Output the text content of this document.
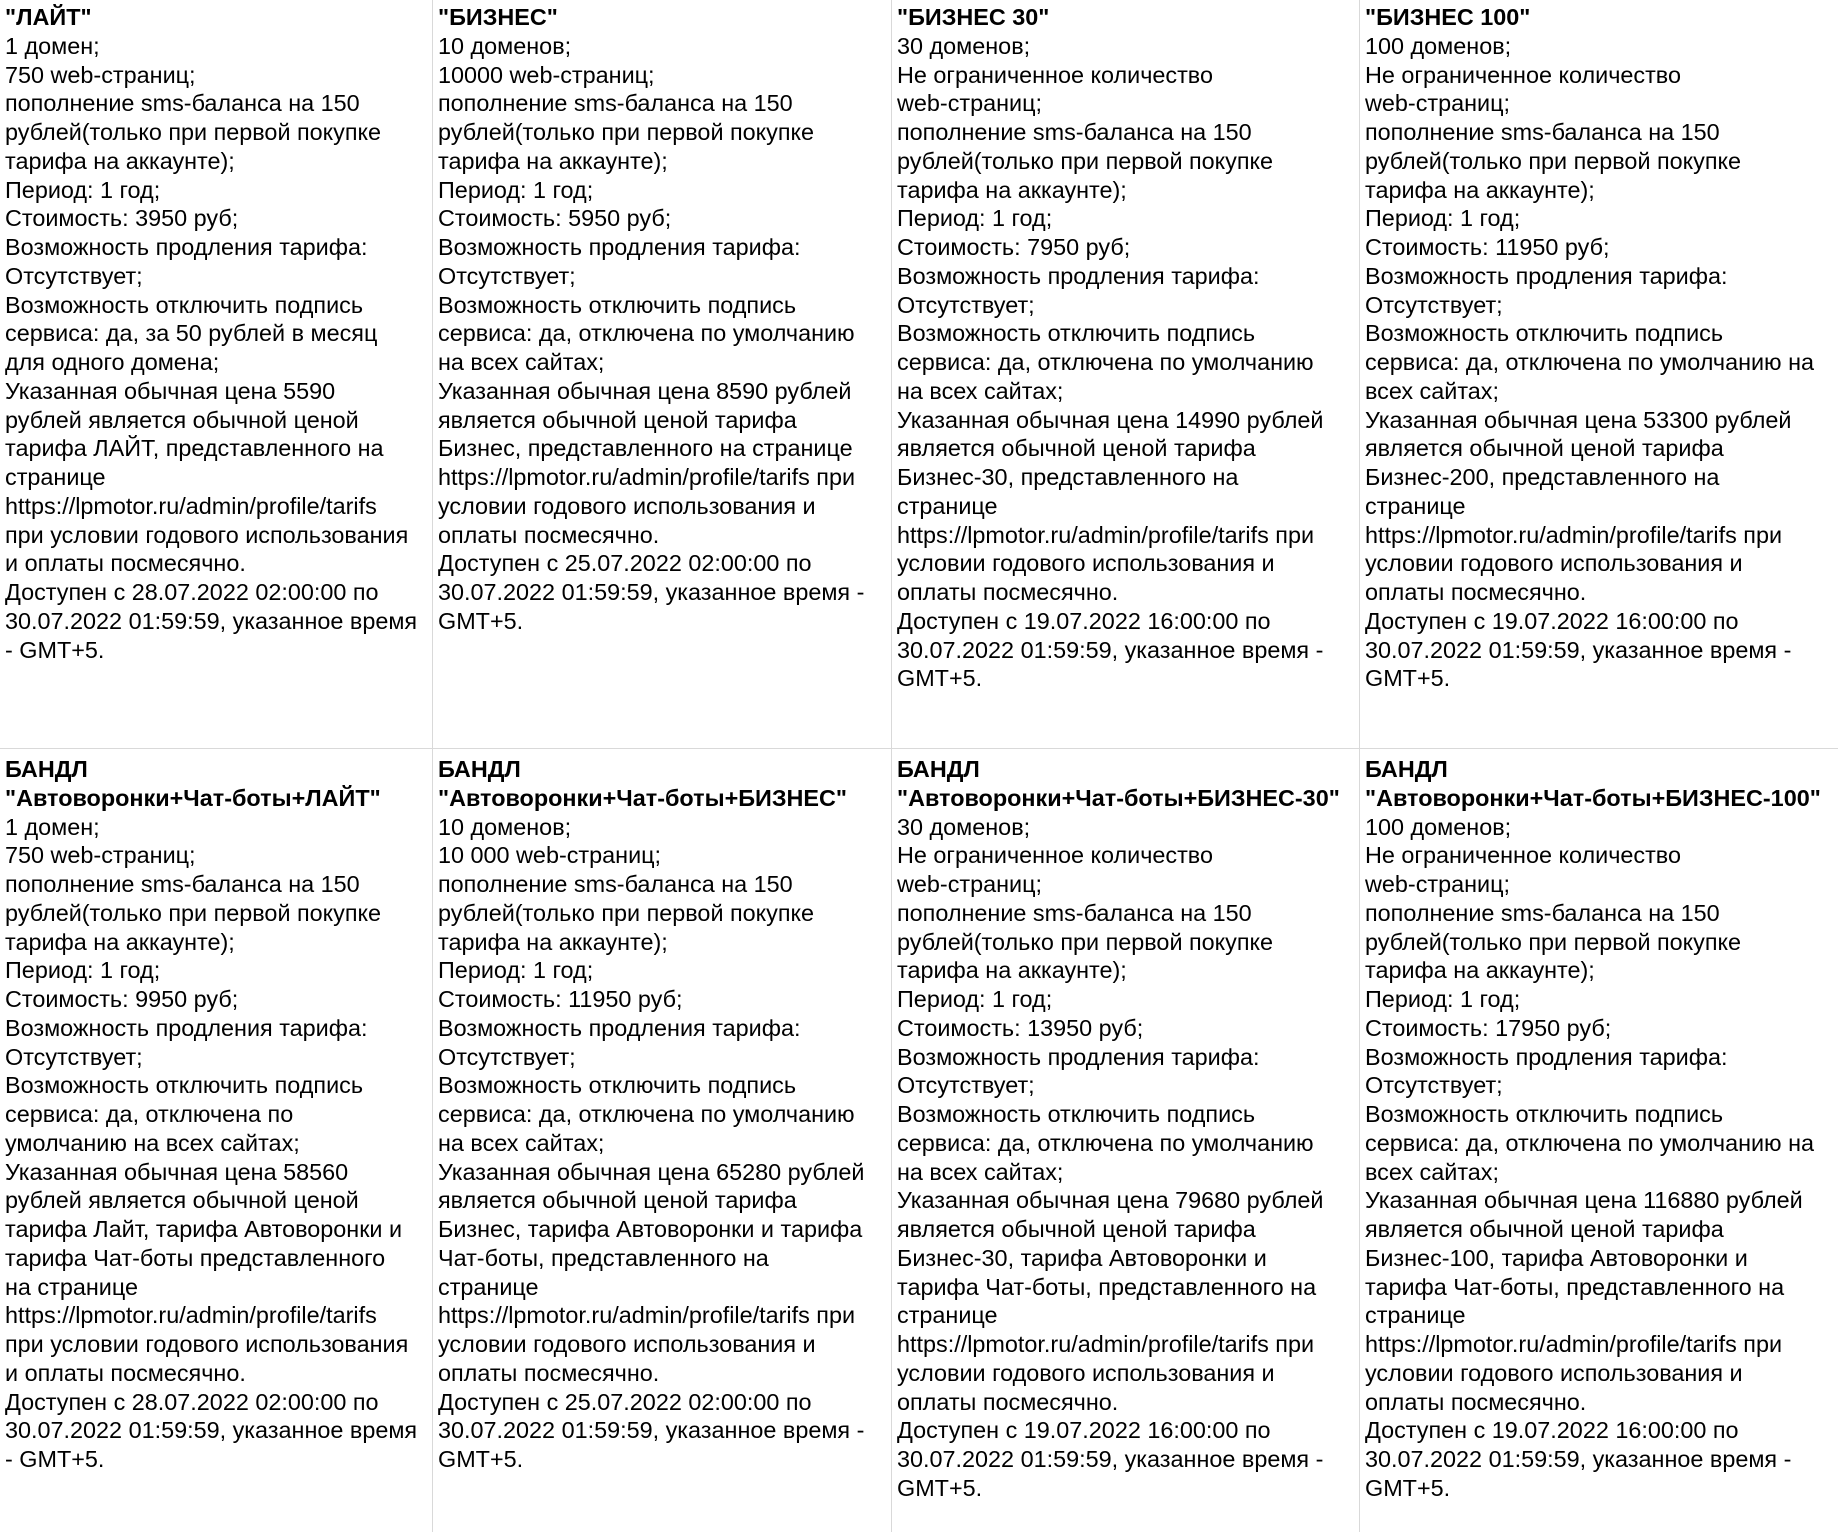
"ЛАЙТ"
1 домен;
750 web-страниц;
пополнение sms-баланса на 150
рублей(только при первой покупке
тарифа на аккаунте);
Период: 1 год;
Стоимость: 3950 руб;
Возможность продления тарифа:
Отсутствует;
Возможность отключить подпись
сервиса: да, за 50 рублей в месяц
для одного домена;
Указанная обычная цена 5590
рублей является обычной ценой
тарифа ЛАЙТ, представленного на
странице
https://lpmotor.ru/admin/profile/tarifs
при условии годового использования
и оплаты посмесячно.
Доступен с 28.07.2022 02:00:00 по
30.07.2022 01:59:59, указанное время
- GMT+5.
"БИЗНЕС"
10 доменов;
10000 web-страниц;
пополнение sms-баланса на 150
рублей(только при первой покупке
тарифа на аккаунте);
Период: 1 год;
Стоимость: 5950 руб;
Возможность продления тарифа:
Отсутствует;
Возможность отключить подпись
сервиса: да, отключена по умолчанию
на всех сайтах;
Указанная обычная цена 8590 рублей
является обычной ценой тарифа
Бизнес, представленного на странице
https://lpmotor.ru/admin/profile/tarifs при
условии годового использования и
оплаты посмесячно.
Доступен с 25.07.2022 02:00:00 по
30.07.2022 01:59:59, указанное время -
GMT+5.
"БИЗНЕС 30"
30 доменов;
Не ограниченное количество
web-страниц;
пополнение sms-баланса на 150
рублей(только при первой покупке
тарифа на аккаунте);
Период: 1 год;
Стоимость: 7950 руб;
Возможность продления тарифа:
Отсутствует;
Возможность отключить подпись
сервиса: да, отключена по умолчанию
на всех сайтах;
Указанная обычная цена 14990 рублей
является обычной ценой тарифа
Бизнес-30, представленного на
странице
https://lpmotor.ru/admin/profile/tarifs при
условии годового использования и
оплаты посмесячно.
Доступен с 19.07.2022 16:00:00 по
30.07.2022 01:59:59, указанное время -
GMT+5.
"БИЗНЕС 100"
100 доменов;
Не ограниченное количество
web-страниц;
пополнение sms-баланса на 150
рублей(только при первой покупке
тарифа на аккаунте);
Период: 1 год;
Стоимость: 11950 руб;
Возможность продления тарифа:
Отсутствует;
Возможность отключить подпись
сервиса: да, отключена по умолчанию на
всех сайтах;
Указанная обычная цена 53300 рублей
является обычной ценой тарифа
Бизнес-200, представленного на
странице
https://lpmotor.ru/admin/profile/tarifs при
условии годового использования и
оплаты посмесячно.
Доступен с 19.07.2022 16:00:00 по
30.07.2022 01:59:59, указанное время -
GMT+5.
БАНДЛ
"Автоворонки+Чат-боты+ЛАЙТ"
1 домен;
750 web-страниц;
пополнение sms-баланса на 150
рублей(только при первой покупке
тарифа на аккаунте);
Период: 1 год;
Стоимость: 9950 руб;
Возможность продления тарифа:
Отсутствует;
Возможность отключить подпись
сервиса: да, отключена по
умолчанию на всех сайтах;
Указанная обычная цена 58560
рублей является обычной ценой
тарифа Лайт, тарифа Автоворонки и
тарифа Чат-боты представленного
на странице
https://lpmotor.ru/admin/profile/tarifs
при условии годового использования
и оплаты посмесячно.
Доступен с 28.07.2022 02:00:00 по
30.07.2022 01:59:59, указанное время
- GMT+5.
БАНДЛ
"Автоворонки+Чат-боты+БИЗНЕС"
10 доменов;
10 000 web-страниц;
пополнение sms-баланса на 150
рублей(только при первой покупке
тарифа на аккаунте);
Период: 1 год;
Стоимость: 11950 руб;
Возможность продления тарифа:
Отсутствует;
Возможность отключить подпись
сервиса: да, отключена по умолчанию
на всех сайтах;
Указанная обычная цена 65280 рублей
является обычной ценой тарифа
Бизнес, тарифа Автоворонки и тарифа
Чат-боты, представленного на
странице
https://lpmotor.ru/admin/profile/tarifs при
условии годового использования и
оплаты посмесячно.
Доступен с 25.07.2022 02:00:00 по
30.07.2022 01:59:59, указанное время -
GMT+5.
БАНДЛ
"Автоворонки+Чат-боты+БИЗНЕС-30"
30 доменов;
Не ограниченное количество
web-страниц;
пополнение sms-баланса на 150
рублей(только при первой покупке
тарифа на аккаунте);
Период: 1 год;
Стоимость: 13950 руб;
Возможность продления тарифа:
Отсутствует;
Возможность отключить подпись
сервиса: да, отключена по умолчанию
на всех сайтах;
Указанная обычная цена 79680 рублей
является обычной ценой тарифа
Бизнес-30, тарифа Автоворонки и
тарифа Чат-боты, представленного на
странице
https://lpmotor.ru/admin/profile/tarifs при
условии годового использования и
оплаты посмесячно.
Доступен с 19.07.2022 16:00:00 по
30.07.2022 01:59:59, указанное время -
GMT+5.
БАНДЛ
"Автоворонки+Чат-боты+БИЗНЕС-100"
100 доменов;
Не ограниченное количество
web-страниц;
пополнение sms-баланса на 150
рублей(только при первой покупке
тарифа на аккаунте);
Период: 1 год;
Стоимость: 17950 руб;
Возможность продления тарифа:
Отсутствует;
Возможность отключить подпись
сервиса: да, отключена по умолчанию на
всех сайтах;
Указанная обычная цена 116880 рублей
является обычной ценой тарифа
Бизнес-100, тарифа Автоворонки и
тарифа Чат-боты, представленного на
странице
https://lpmotor.ru/admin/profile/tarifs при
условии годового использования и
оплаты посмесячно.
Доступен с 19.07.2022 16:00:00 по
30.07.2022 01:59:59, указанное время -
GMT+5.
